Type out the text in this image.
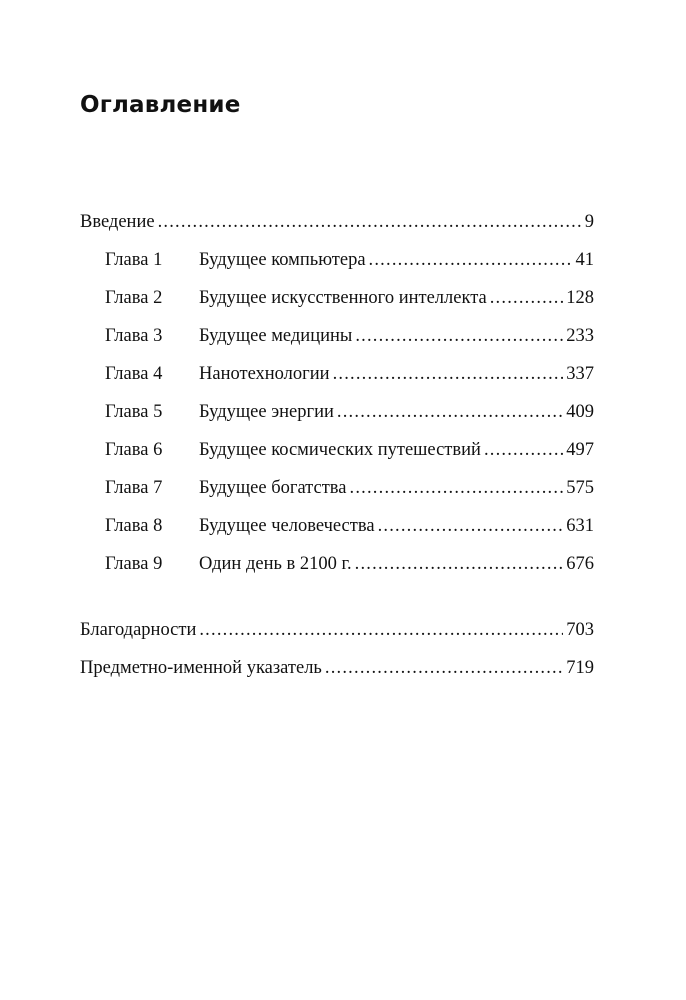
Оглавление
Введение .....	9
Глава 1	Будущее компьютера .....	41
Глава 2	Будущее искусственного интеллекта .....	128
Глава 3	Будущее медицины .....	233
Глава 4	Нанотехнологии .....	337
Глава 5	Будущее энергии .....	409
Глава 6	Будущее космических путешествий .....	497
Глава 7	Будущее богатства .....	575
Глава 8	Будущее человечества .....	631
Глава 9	Один день в 2100 г. .....	676
Благодарности .....	703
Предметно-именной указатель .....	719
